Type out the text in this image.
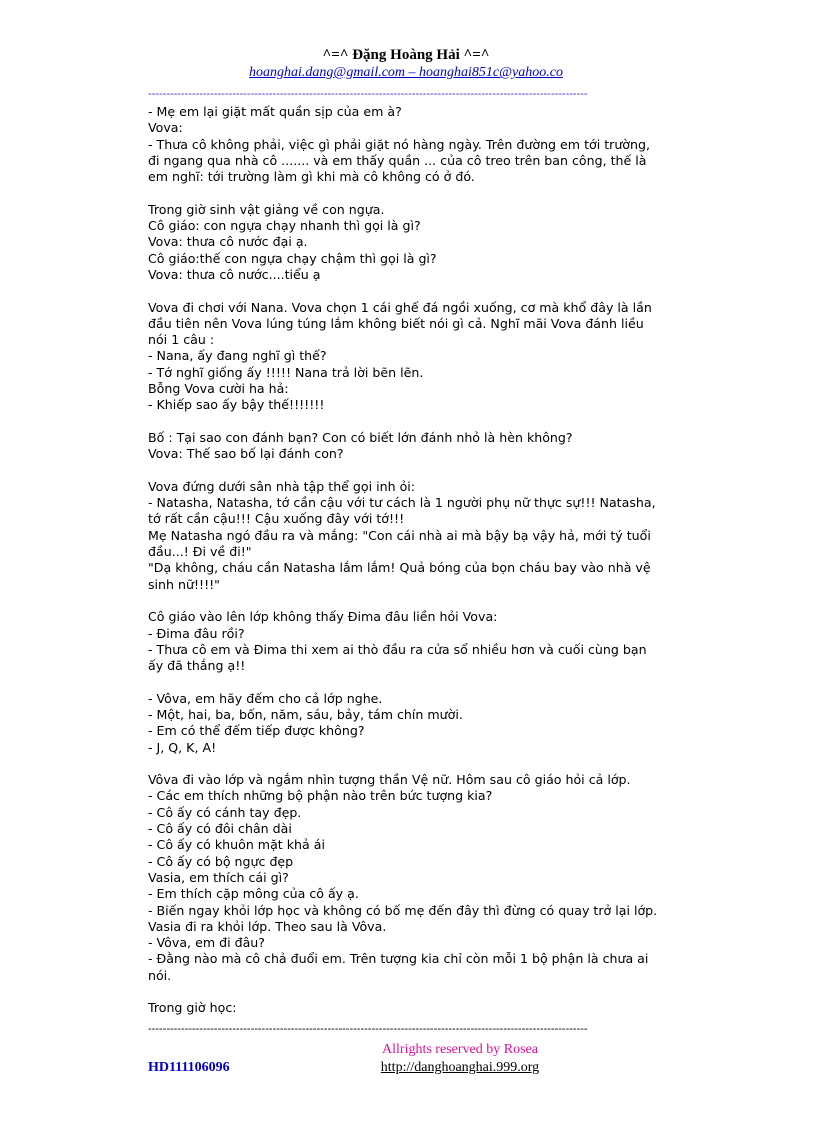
^=^ Đặng Hoàng Hải ^=^
hoanghai.dang@gmail.com – hoanghai851c@yahoo.co
------------------------------------------------------------------------------------------------------------------------

- Mẹ em lại giặt mất quần sịp của em à?

Vova:

- Thưa cô không phải, việc gì phải giặt nó hàng ngày. Trên đường em tới trường,

đi ngang qua nhà cô ....... và em thấy quần ... của cô treo trên ban công, thế là

em nghĩ: tới trường làm gì khi mà cô không có ở đó.

Trong giờ sinh vật giảng về con ngựa.

Cô giáo: con ngựa chạy nhanh thì gọi là gì?

Vova: thưa cô nước đại ạ.

Cô giáo:thế con ngựa chạy chậm thì gọi là gì?

Vova: thưa cô nước....tiểu ạ

Vova đi chơi với Nana. Vova chọn 1 cái ghế đá ngồi xuống, cơ mà khổ đây là lần

đầu tiên nên Vova lúng túng lắm không biết nói gì cả. Nghĩ mãi Vova đánh liều

nói 1 câu :

- Nana, ấy đang nghĩ gì thế?

- Tớ nghĩ giống ấy !!!!! Nana trả lời bẽn lẽn.

Bỗng Vova cười ha hả:

- Khiếp sao ấy bậy thế!!!!!!!

Bố : Tại sao con đánh bạn? Con có biết lớn đánh nhỏ là hèn không?

Vova: Thế sao bố lại đánh con?

Vova đứng dưới sân nhà tập thể gọi inh ỏi:

- Natasha, Natasha, tớ cần cậu với tư cách là 1 người phụ nữ thực sự!!! Natasha,

tớ rất cần cậu!!! Cậu xuống đây với tớ!!!

Mẹ Natasha ngó đầu ra và mắng: "Con cái nhà ai mà bậy bạ vậy hả, mới tý tuổi

đầu...! Đi về đi!"

"Dạ không, cháu cần Natasha lắm lắm! Quả bóng của bọn cháu bay vào nhà vệ

sinh nữ!!!!"

Cô giáo vào lên lớp không thấy Đima đâu liền hỏi Vova:

- Đima đâu rồi?

- Thưa cô em và Đima thi xem ai thò đầu ra cửa sổ nhiều hơn và cuối cùng bạn

ấy đã thắng ạ!!

- Vôva, em hãy đếm cho cả lớp nghe.

- Một, hai, ba, bốn, năm, sáu, bảy, tám chín mười.

- Em có thể đếm tiếp được không?

- J, Q, K, A!

Vôva đi vào lớp và ngắm nhìn tượng thần Vệ nữ. Hôm sau cô giáo hỏi cả lớp.

- Các em thích những bộ phận nào trên bức tượng kia?

- Cô ấy có cánh tay đẹp.

- Cô ấy có đôi chân dài

- Cô ấy có khuôn mặt khả ái

- Cô ấy có bộ ngực đẹp

Vasia, em thích cái gì?

- Em thích cặp mông của cô ấy ạ.

- Biến ngay khỏi lớp học và không có bố mẹ đến đây thì đừng có quay trở lại lớp.

Vasia đi ra khỏi lớp. Theo sau là Vôva.

- Vôva, em đi đâu?

- Đằng nào mà cô chả đuổi em. Trên tượng kia chỉ còn mỗi 1 bộ phận là chưa ai

nói.

Trong giờ học:

------------------------------------------------------------------------------------------------------------------------
HD111106096
Allrights reserved by Rosea
http://danghoanghai.999.org
